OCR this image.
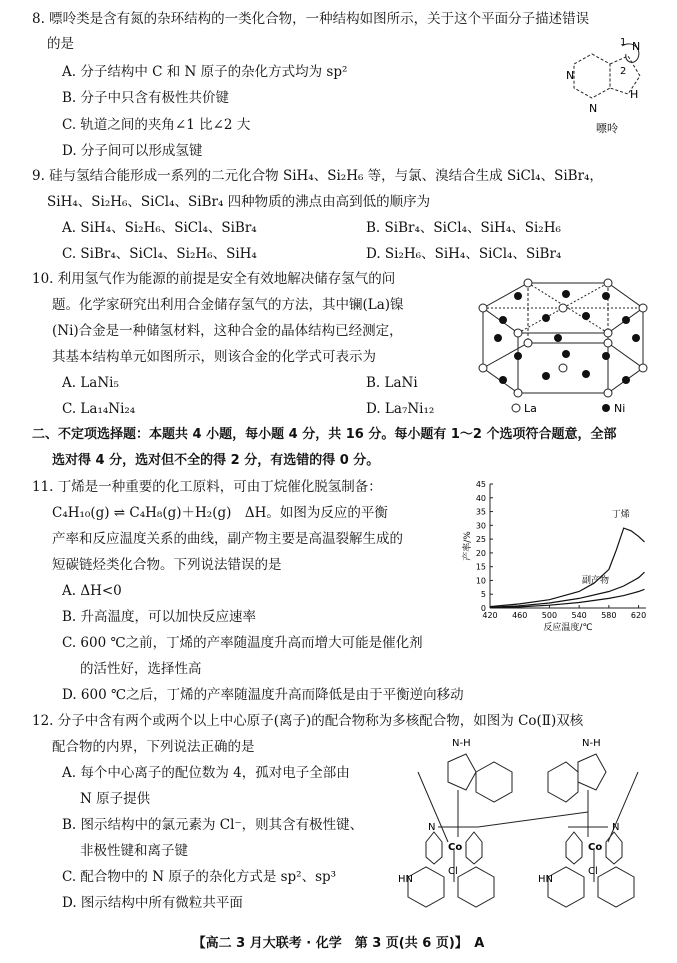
8. 嘌呤类是含有氮的杂环结构的一类化合物，一种结构如图所示，关于这个平面分子描述错误
的是
A. 分子结构中 C 和 N 原子的杂化方式均为 sp²
B. 分子中只含有极性共价键
C. 轨道之间的夹角∠1 比∠2 大
D. 分子间可以形成氢键
N
N
N
H
1
2
嘌呤
9. 硅与氢结合能形成一系列的二元化合物 SiH₄、Si₂H₆ 等，与氯、溴结合生成 SiCl₄、SiBr₄，
SiH₄、Si₂H₆、SiCl₄、SiBr₄ 四种物质的沸点由高到低的顺序为
A. SiH₄、Si₂H₆、SiCl₄、SiBr₄	B. SiBr₄、SiCl₄、SiH₄、Si₂H₆
C. SiBr₄、SiCl₄、Si₂H₆、SiH₄	D. Si₂H₆、SiH₄、SiCl₄、SiBr₄
10. 利用氢气作为能源的前提是安全有效地解决储存氢气的问
题。化学家研究出利用合金储存氢气的方法，其中镧(La)镍
(Ni)合金是一种储氢材料，这种合金的晶体结构已经测定，
其基本结构单元如图所示，则该合金的化学式可表示为
A. LaNi₅	B. LaNi
C. La₁₄Ni₂₄	D. La₇Ni₁₂	La	Ni
二、不定项选择题：本题共 4 小题，每小题 4 分，共 16 分。每小题有 1～2 个选项符合题意，全部
选对得 4 分，选对但不全的得 2 分，有选错的得 0 分。
11. 丁烯是一种重要的化工原料，可由丁烷催化脱氢制备：
C₄H₁₀(g) ⇌ C₄H₈(g)＋H₂(g)　ΔH。如图为反应的平衡
产率和反应温度关系的曲线，副产物主要是高温裂解生成的
短碳链烃类化合物。下列说法错误的是
A. ΔH<0
B. 升高温度，可以加快反应速率
C. 600 ℃之前，丁烯的产率随温度升高而增大可能是催化剂
的活性好，选择性高
D. 600 ℃之后，丁烯的产率随温度升高而降低是由于平衡逆向移动
0
5
10
15
20
25
30
35
40
45
420 460 500 540 580 620
反应温度/℃
产率/%
丁烯
副产物
12. 分子中含有两个或两个以上中心原子(离子)的配合物称为多核配合物，如图为 Co(Ⅱ)双核
配合物的内界，下列说法正确的是
A. 每个中心离子的配位数为 4，孤对电子全部由
N 原子提供
B. 图示结构中的氯元素为 Cl⁻，则其含有极性键、
非极性键和离子键
C. 配合物中的 N 原子的杂化方式是 sp²、sp³
D. 图示结构中所有微粒共平面
N-H	N-H
Co	Co
Cl	Cl
HN	HN
N	N
【高二 3 月大联考 · 化学　第 3 页(共 6 页)】　A
